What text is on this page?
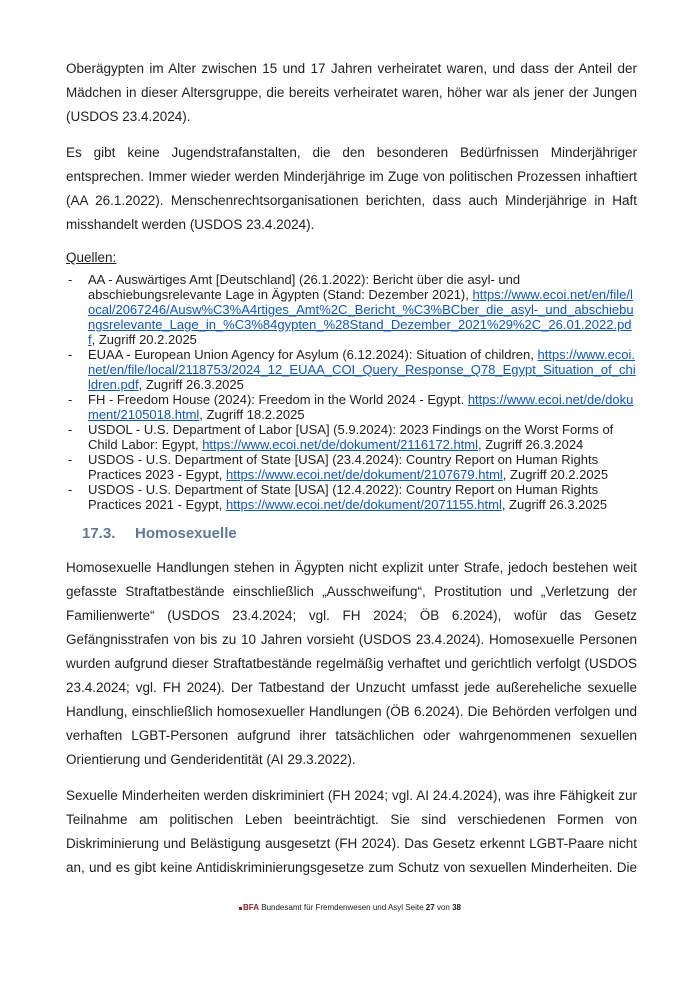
Oberägypten im Alter zwischen 15 und 17 Jahren verheiratet waren, und dass der Anteil der Mädchen in dieser Altersgruppe, die bereits verheiratet waren, höher war als jener der Jungen (USDOS 23.4.2024).

Es gibt keine Jugendstrafanstalten, die den besonderen Bedürfnissen Minderjähriger entsprechen. Immer wieder werden Minderjährige im Zuge von politischen Prozessen inhaftiert (AA 26.1.2022). Menschenrechtsorganisationen berichten, dass auch Minderjährige in Haft misshandelt werden (USDOS 23.4.2024).

Quellen:

- AA - Auswärtiges Amt [Deutschland] (26.1.2022): Bericht über die asyl- und abschiebungsrelevante Lage in Ägypten (Stand: Dezember 2021), https://www.ecoi.net/en/file/local/2067246/Ausw%C3%A4rtiges_Amt%2C_Bericht_%C3%BCber_die_asyl-_und_abschiebungsrelevante_Lage_in_%C3%84gypten_%28Stand_Dezember_2021%29%2C_26.01.2022.pdf, Zugriff 20.2.2025
- EUAA - European Union Agency for Asylum (6.12.2024): Situation of children, https://www.ecoi.net/en/file/local/2118753/2024_12_EUAA_COI_Query_Response_Q78_Egypt_Situation_of_children.pdf, Zugriff 26.3.2025
- FH - Freedom House (2024): Freedom in the World 2024 - Egypt. https://www.ecoi.net/de/dokument/2105018.html, Zugriff 18.2.2025
- USDOL - U.S. Department of Labor [USA] (5.9.2024): 2023 Findings on the Worst Forms of Child Labor: Egypt, https://www.ecoi.net/de/dokument/2116172.html, Zugriff 26.3.2024
- USDOS - U.S. Department of State [USA] (23.4.2024): Country Report on Human Rights Practices 2023 - Egypt, https://www.ecoi.net/de/dokument/2107679.html, Zugriff 20.2.2025
- USDOS - U.S. Department of State [USA] (12.4.2022): Country Report on Human Rights Practices 2021 - Egypt, https://www.ecoi.net/de/dokument/2071155.html, Zugriff 26.3.2025
17.3. Homosexuelle

Homosexuelle Handlungen stehen in Ägypten nicht explizit unter Strafe, jedoch bestehen weit gefasste Straftatbestände einschließlich „Ausschweifung“, Prostitution und „Verletzung der Familienwerte“ (USDOS 23.4.2024; vgl. FH 2024; ÖB 6.2024), wofür das Gesetz Gefängnisstrafen von bis zu 10 Jahren vorsieht (USDOS 23.4.2024). Homosexuelle Personen wurden aufgrund dieser Straftatbestände regelmäßig verhaftet und gerichtlich verfolgt (USDOS 23.4.2024; vgl. FH 2024). Der Tatbestand der Unzucht umfasst jede außereheliche sexuelle Handlung, einschließlich homosexueller Handlungen (ÖB 6.2024). Die Behörden verfolgen und verhaften LGBT-Personen aufgrund ihrer tatsächlichen oder wahrgenommenen sexuellen Orientierung und Genderidentität (AI 29.3.2022).

Sexuelle Minderheiten werden diskriminiert (FH 2024; vgl. AI 24.4.2024), was ihre Fähigkeit zur Teilnahme am politischen Leben beeinträchtigt. Sie sind verschiedenen Formen von Diskriminierung und Belästigung ausgesetzt (FH 2024). Das Gesetz erkennt LGBT-Paare nicht an, und es gibt keine Antidiskriminierungsgesetze zum Schutz von sexuellen Minderheiten. Die

BFA Bundesamt für Fremdenwesen und Asyl Seite 27 von 38
